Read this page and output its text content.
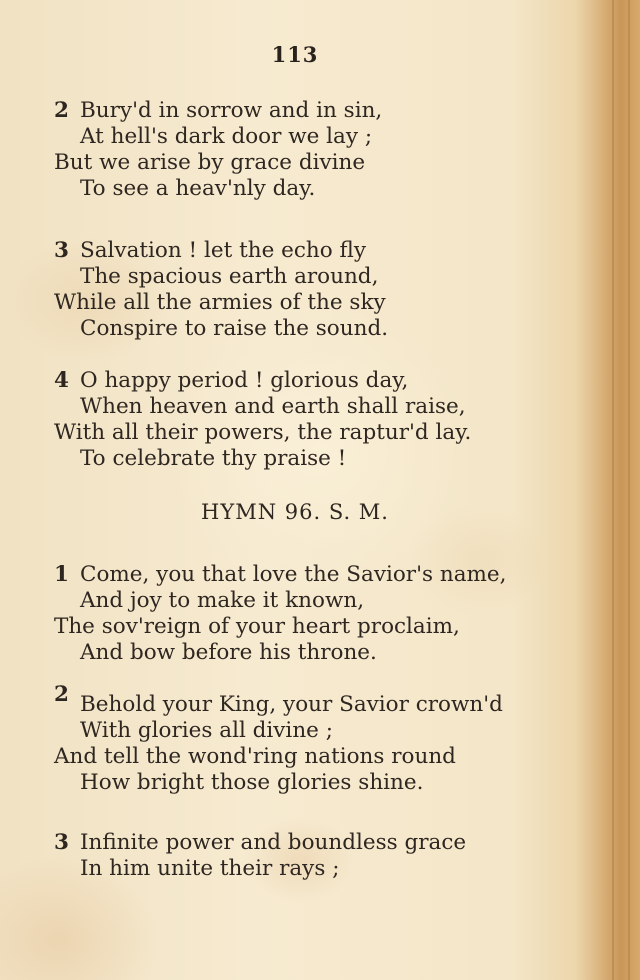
113
2 Bury'd in sorrow and in sin,
At hell's dark door we lay ;
But we arise by grace divine
To see a heav'nly day.
3 Salvation ! let the echo fly
The spacious earth around,
While all the armies of the sky
Conspire to raise the sound.
4 O happy period ! glorious day,
When heaven and earth shall raise,
With all their powers, the raptur'd lay.
To celebrate thy praise !
HYMN 96. S. M.
1 Come, you that love the Savior's name,
And joy to make it known,
The sov'reign of your heart proclaim,
And bow before his throne.
2 Behold your King, your Savior crown'd
With glories all divine ;
And tell the wond'ring nations round
How bright those glories shine.
3 Infinite power and boundless grace
In him unite their rays ;
